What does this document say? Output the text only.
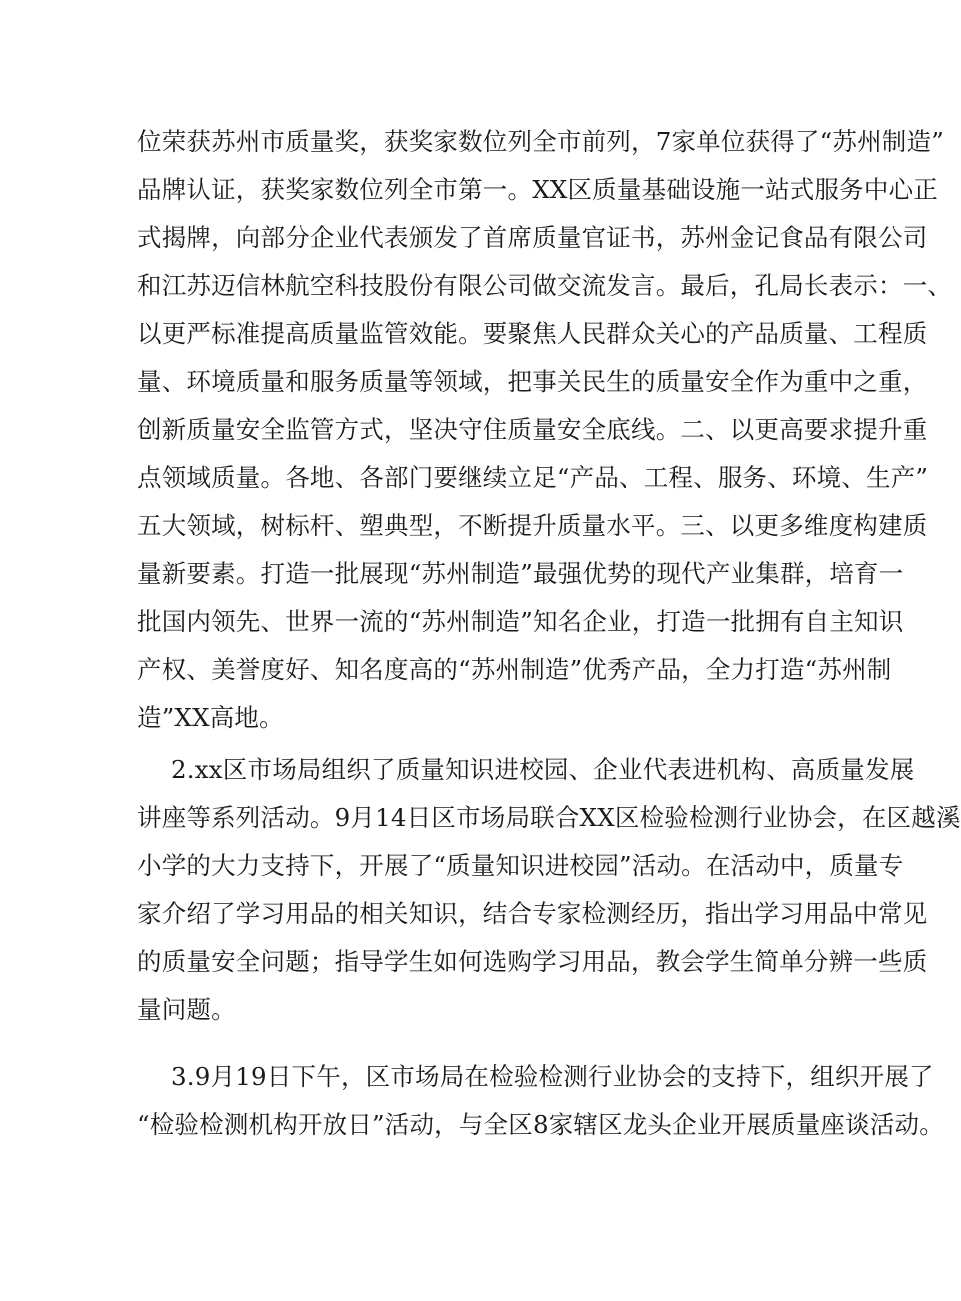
位荣获苏州市质量奖，获奖家数位列全市前列，7家单位获得了“苏州制造”
品牌认证，获奖家数位列全市第一。XX区质量基础设施一站式服务中心正
式揭牌，向部分企业代表颁发了首席质量官证书，苏州金记食品有限公司
和江苏迈信林航空科技股份有限公司做交流发言。最后，孔局长表示：一、
以更严标准提高质量监管效能。要聚焦人民群众关心的产品质量、工程质
量、环境质量和服务质量等领域，把事关民生的质量安全作为重中之重，
创新质量安全监管方式，坚决守住质量安全底线。二、以更高要求提升重
点领域质量。各地、各部门要继续立足“产品、工程、服务、环境、生产”
五大领域，树标杆、塑典型，不断提升质量水平。三、以更多维度构建质
量新要素。打造一批展现“苏州制造”最强优势的现代产业集群，培育一
批国内领先、世界一流的“苏州制造”知名企业，打造一批拥有自主知识
产权、美誉度好、知名度高的“苏州制造”优秀产品，全力打造“苏州制
造”XX高地。
2.xx区市场局组织了质量知识进校园、企业代表进机构、高质量发展
讲座等系列活动。9月14日区市场局联合XX区检验检测行业协会，在区越溪
小学的大力支持下，开展了“质量知识进校园”活动。在活动中，质量专
家介绍了学习用品的相关知识，结合专家检测经历，指出学习用品中常见
的质量安全问题；指导学生如何选购学习用品，教会学生简单分辨一些质
量问题。
3.9月19日下午，区市场局在检验检测行业协会的支持下，组织开展了
“检验检测机构开放日”活动，与全区8家辖区龙头企业开展质量座谈活动。
